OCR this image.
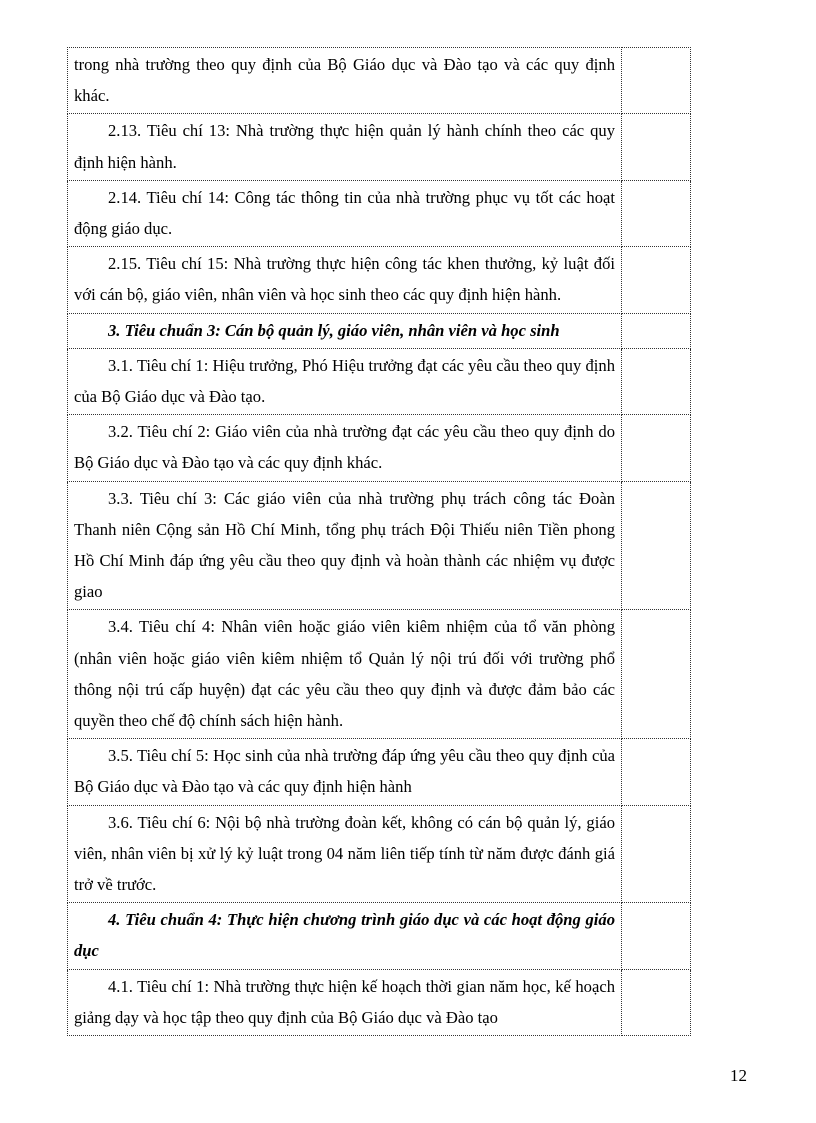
trong nhà trường theo quy định của Bộ Giáo dục và Đào tạo và các quy định khác.	

2.13. Tiêu chí 13: Nhà trường thực hiện quản lý hành chính theo các quy định hiện hành.	

2.14. Tiêu chí 14: Công tác thông tin của nhà trường phục vụ tốt các hoạt động giáo dục.	

2.15. Tiêu chí 15: Nhà trường thực hiện công tác khen thưởng, kỷ luật đối với cán bộ, giáo viên, nhân viên và học sinh theo các quy định hiện hành.	

3. Tiêu chuẩn 3: Cán bộ quản lý, giáo viên, nhân viên và học sinh	

3.1. Tiêu chí 1: Hiệu trưởng, Phó Hiệu trưởng đạt các yêu cầu theo quy định của Bộ Giáo dục và Đào tạo.	

3.2. Tiêu chí 2: Giáo viên của nhà trường đạt các yêu cầu theo quy định do Bộ Giáo dục và Đào tạo và các quy định khác.	

3.3. Tiêu chí 3: Các giáo viên của nhà trường phụ trách công tác Đoàn Thanh niên Cộng sản Hồ Chí Minh, tổng phụ trách Đội Thiếu niên Tiền phong Hồ Chí Minh đáp ứng yêu cầu theo quy định và hoàn thành các nhiệm vụ được giao	

3.4. Tiêu chí 4: Nhân viên hoặc giáo viên kiêm nhiệm của tổ văn phòng (nhân viên hoặc giáo viên kiêm nhiệm tổ Quản lý nội trú đối với trường phổ thông nội trú cấp huyện) đạt các yêu cầu theo quy định và được đảm bảo các quyền theo chế độ chính sách hiện hành.	

3.5. Tiêu chí 5: Học sinh của nhà trường đáp ứng yêu cầu theo quy định của Bộ Giáo dục và Đào tạo và các quy định hiện hành	

3.6. Tiêu chí 6: Nội bộ nhà trường đoàn kết, không có cán bộ quản lý, giáo viên, nhân viên bị xử lý kỷ luật trong 04 năm liên tiếp tính từ năm được đánh giá trở về trước.	

4. Tiêu chuẩn 4: Thực hiện chương trình giáo dục và các hoạt động giáo dục	

4.1. Tiêu chí 1: Nhà trường thực hiện kế hoạch thời gian năm học, kế hoạch giảng dạy và học tập theo quy định của Bộ Giáo dục và Đào tạo	

12
